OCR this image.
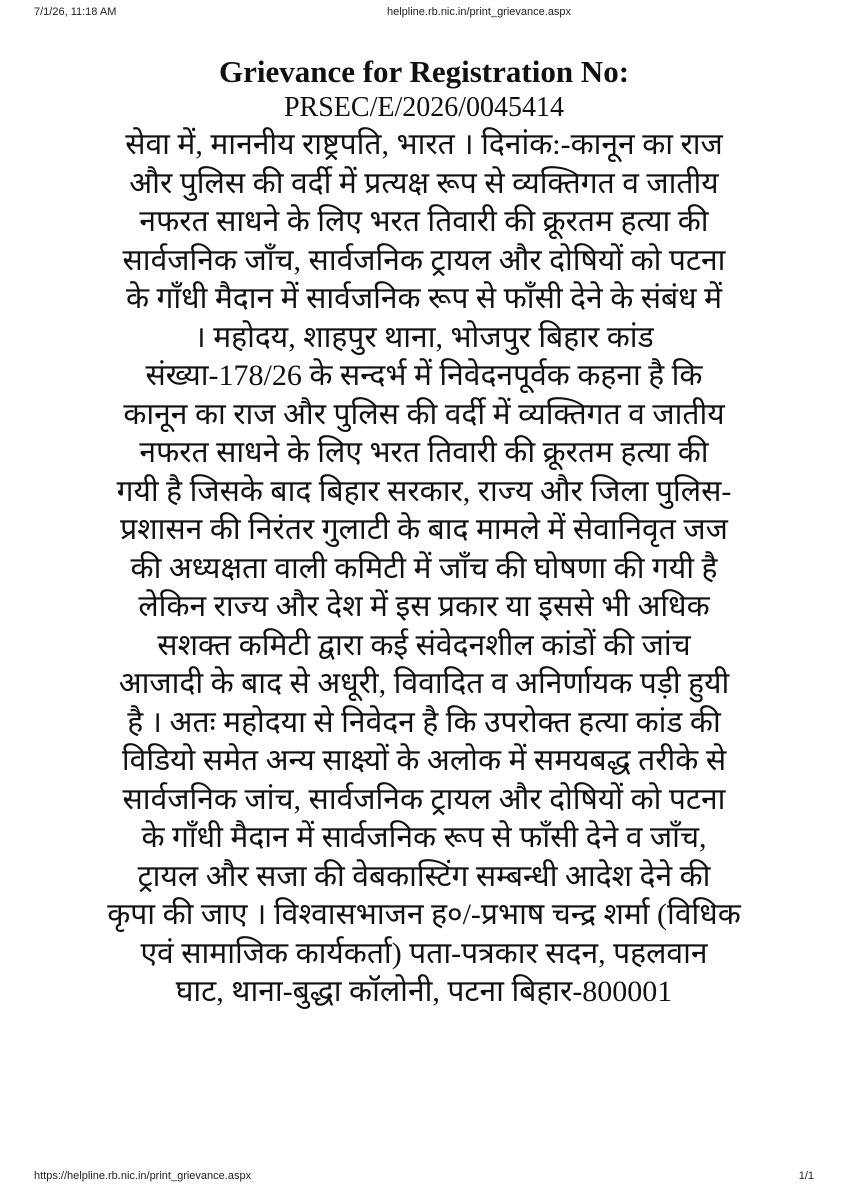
7/1/26, 11:18 AM	helpline.rb.nic.in/print_grievance.aspx
Grievance for Registration No:
PRSEC/E/2026/0045414

सेवा में, माननीय राष्ट्रपति, भारत । दिनांक:-कानून का राज
और पुलिस की वर्दी में प्रत्यक्ष रूप से व्यक्तिगत व जातीय
नफरत साधने के लिए भरत तिवारी की क्रूरतम हत्या की
सार्वजनिक जाँच, सार्वजनिक ट्रायल और दोषियों को पटना
के गाँधी मैदान में सार्वजनिक रूप से फाँसी देने के संबंध में
। महोदय, शाहपुर थाना, भोजपुर बिहार कांड
संख्या-178/26 के सन्दर्भ में निवेदनपूर्वक कहना है कि
कानून का राज और पुलिस की वर्दी में व्यक्तिगत व जातीय
नफरत साधने के लिए भरत तिवारी की क्रूरतम हत्या की
गयी है जिसके बाद बिहार सरकार, राज्य और जिला पुलिस-
प्रशासन की निरंतर गुलाटी के बाद मामले में सेवानिवृत जज
की अध्यक्षता वाली कमिटी में जाँच की घोषणा की गयी है
लेकिन राज्य और देश में इस प्रकार या इससे भी अधिक
सशक्त कमिटी द्वारा कई संवेदनशील कांडों की जांच
आजादी के बाद से अधूरी, विवादित व अनिर्णायक पड़ी हुयी
है । अतः महोदया से निवेदन है कि उपरोक्त हत्या कांड की
विडियो समेत अन्य साक्ष्यों के अलोक में समयबद्ध तरीके से
सार्वजनिक जांच, सार्वजनिक ट्रायल और दोषियों को पटना
के गाँधी मैदान में सार्वजनिक रूप से फाँसी देने व जाँच,
ट्रायल और सजा की वेबकास्टिंग सम्बन्धी आदेश देने की
कृपा की जाए । विश्वासभाजन ह०/-प्रभाष चन्द्र शर्मा (विधिक
एवं सामाजिक कार्यकर्ता) पता-पत्रकार सदन, पहलवान
घाट, थाना-बुद्धा कॉलोनी, पटना बिहार-800001

https://helpline.rb.nic.in/print_grievance.aspx	1/1
